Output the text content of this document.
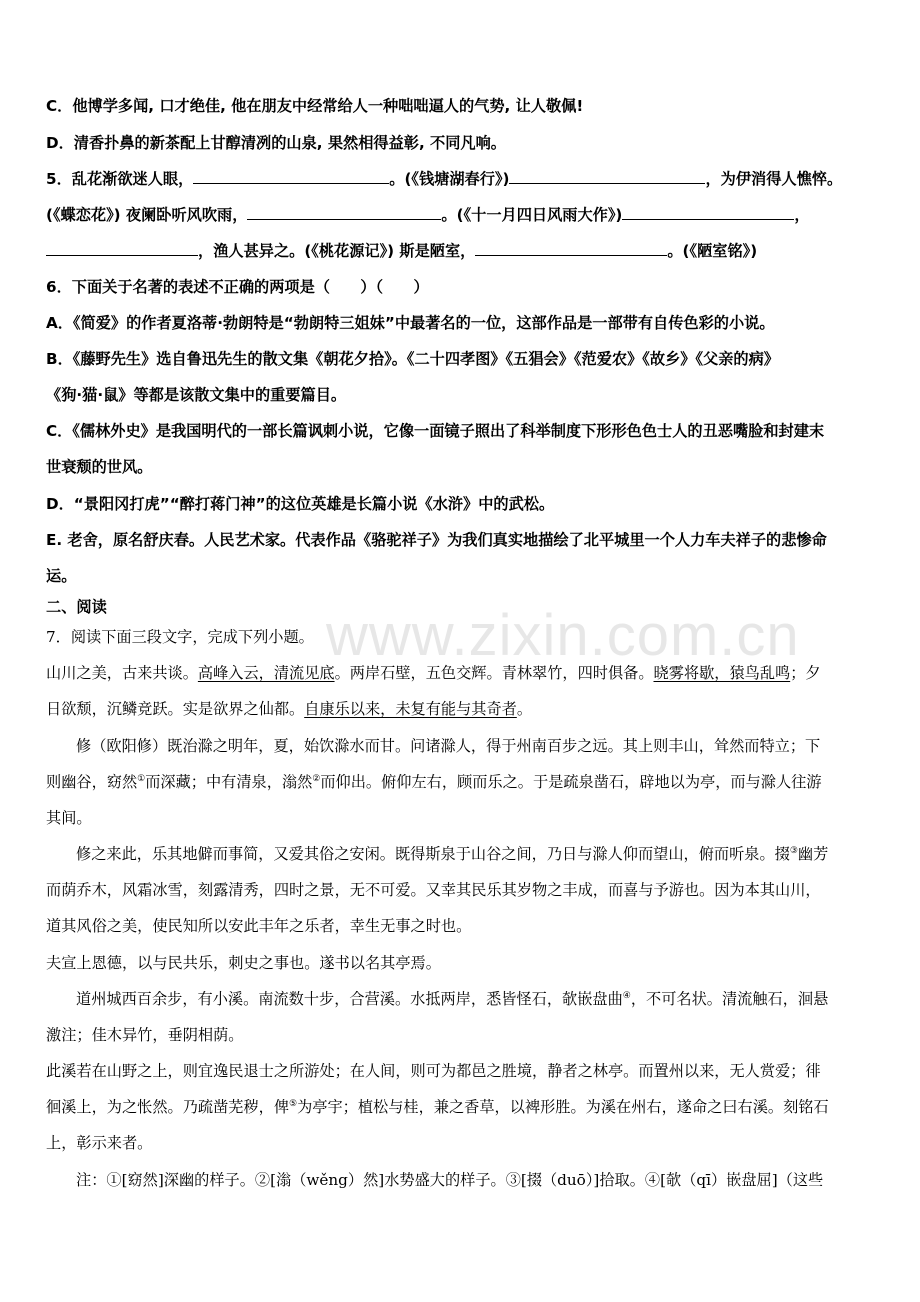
C．他博学多闻, 口才绝佳, 他在朋友中经常给人一种咄咄逼人的气势, 让人敬佩!
D．清香扑鼻的新茶配上甘醇清冽的山泉, 果然相得益彰, 不同凡响。
5．乱花渐欲迷人眼，	。(《钱塘湖春行》)	，为伊消得人憔悴。
(《蝶恋花》) 夜阑卧听风吹雨，	。(《十一月四日风雨大作》)	，
，渔人甚异之。(《桃花源记》) 斯是陋室，	。(《陋室铭》)
6．下面关于名著的表述不正确的两项是（　　）（　　）
A．《简爱》的作者夏洛蒂·勃朗特是“勃朗特三姐妹”中最著名的一位，这部作品是一部带有自传色彩的小说。
B．《藤野先生》选自鲁迅先生的散文集《朝花夕拾》。《二十四孝图》《五猖会》《范爱农》《故乡》《父亲的病》
《狗·猫·鼠》等都是该散文集中的重要篇目。
C．《儒林外史》是我国明代的一部长篇讽刺小说，它像一面镜子照出了科举制度下形形色色士人的丑恶嘴脸和封建末
世衰颓的世风。
D．“景阳冈打虎”“醉打蒋门神”的这位英雄是长篇小说《水浒》中的武松。
E. 老舍，原名舒庆春。人民艺术家。代表作品《骆驼祥子》为我们真实地描绘了北平城里一个人力车夫祥子的悲惨命
运。
二、阅读
7．阅读下面三段文字，完成下列小题。
山川之美，古来共谈。高峰入云，清流见底。两岸石壁，五色交辉。青林翠竹，四时俱备。晓雾将歇，猿鸟乱鸣；夕
日欲颓，沉鳞竞跃。实是欲界之仙都。自康乐以来，未复有能与其奇者。
修（欧阳修）既治滁之明年，夏，始饮滁水而甘。问诸滁人，得于州南百步之远。其上则丰山，耸然而特立；下
则幽谷，窈然①而深藏；中有清泉，滃然②而仰出。俯仰左右，顾而乐之。于是疏泉凿石，辟地以为亭，而与滁人往游
其间。
修之来此，乐其地僻而事简，又爱其俗之安闲。既得斯泉于山谷之间，乃日与滁人仰而望山，俯而听泉。掇③幽芳
而荫乔木，风霜冰雪，刻露清秀，四时之景，无不可爱。又幸其民乐其岁物之丰成，而喜与予游也。因为本其山川，
道其风俗之美，使民知所以安此丰年之乐者，幸生无事之时也。
夫宣上恩德，以与民共乐，刺史之事也。遂书以名其亭焉。
道州城西百余步，有小溪。南流数十步，合营溪。水抵两岸，悉皆怪石，欹嵌盘曲④，不可名状。清流触石，洄悬
激注；佳木异竹，垂阴相荫。
此溪若在山野之上，则宜逸民退士之所游处；在人间，则可为都邑之胜境，静者之林亭。而置州以来，无人赏爱；徘
徊溪上，为之怅然。乃疏凿芜秽，俾⑤为亭宇；植松与桂，兼之香草，以裨形胜。为溪在州右，遂命之曰右溪。刻铭石
上，彰示来者。
注：①[窈然]深幽的样子。②[滃（wěng）然]水势盛大的样子。③[掇（duō）]拾取。④[欹（qī）嵌盘屈]（这些
www.zixin.com.cn
